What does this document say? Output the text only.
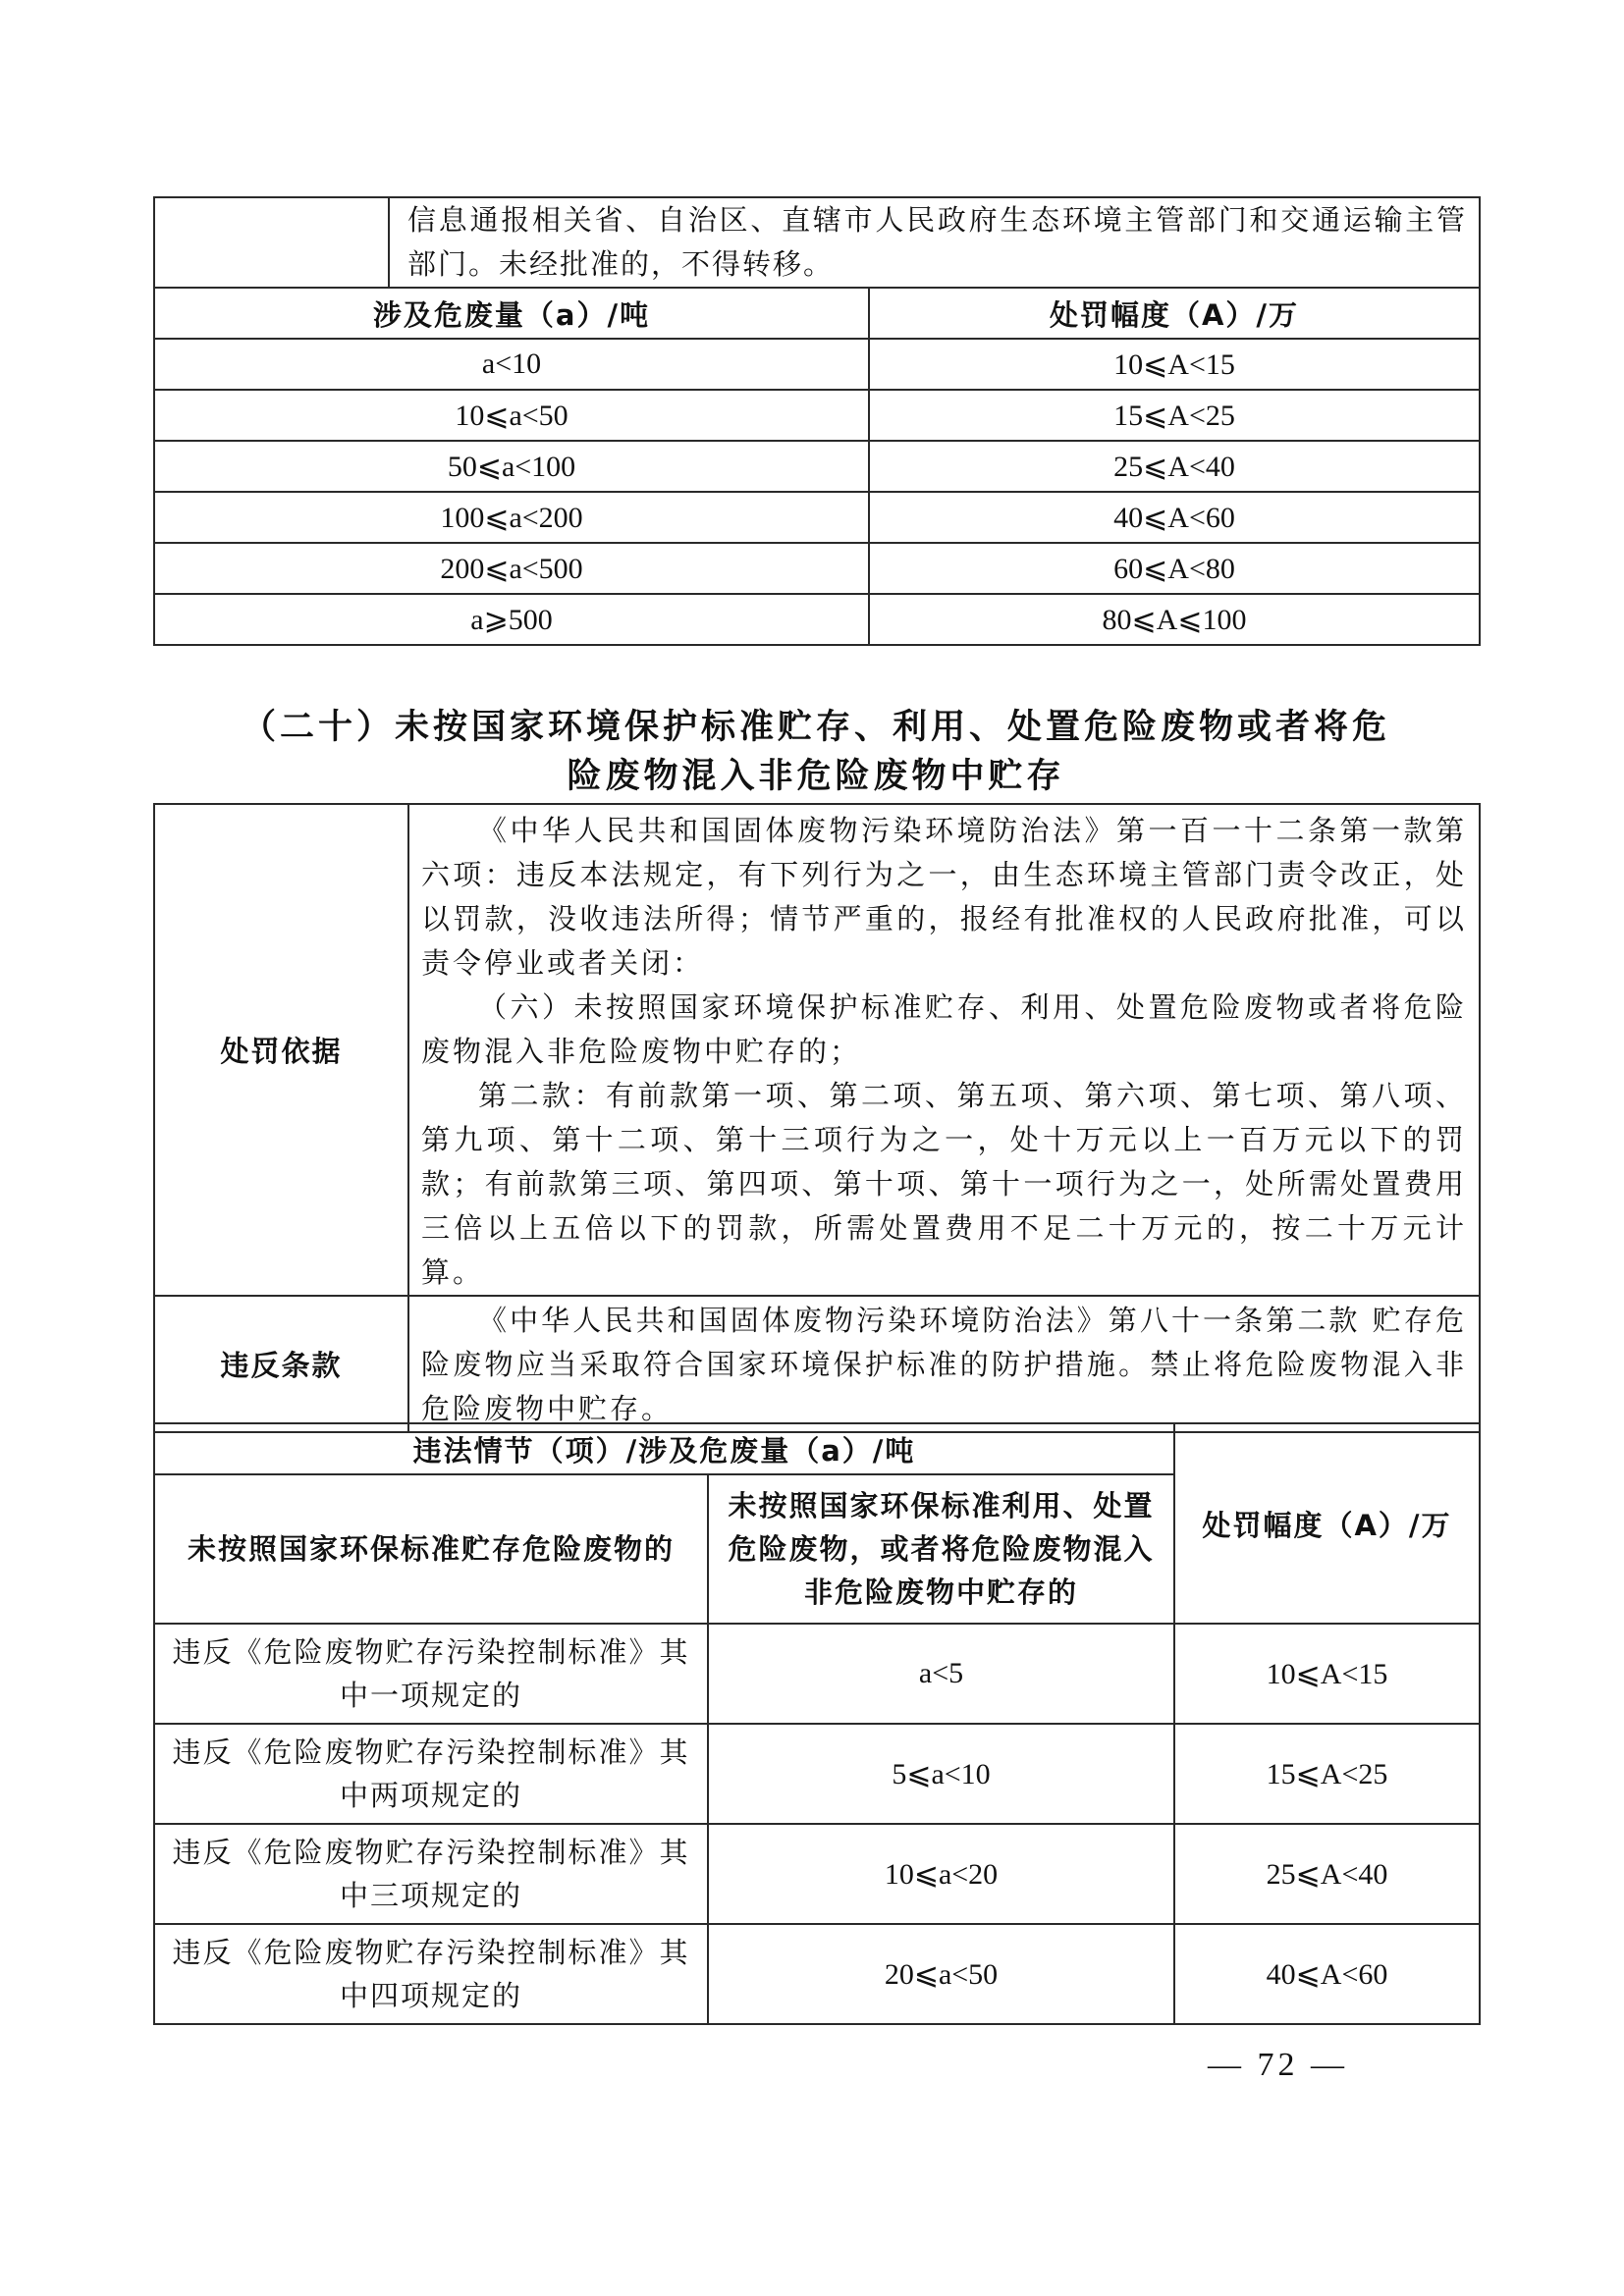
	信息通报相关省、自治区、直辖市人民政府生态环境主管部门和交通运输主管部门。未经批准的，不得转移。	
涉及危废量（a）/吨		处罚幅度（A）/万
a<10		10⩽A<15
10⩽a<50		15⩽A<25
50⩽a<100		25⩽A<40
100⩽a<200		40⩽A<60
200⩽a<500		60⩽A<80
a⩾500		80⩽A⩽100
（二十）未按国家环境保护标准贮存、利用、处置危险废物或者将危
险废物混入非危险废物中贮存
处罚依据	《中华人民共和国固体废物污染环境防治法》第一百一十二条第一款第六项：违反本法规定，有下列行为之一，由生态环境主管部门责令改正，处以罚款，没收违法所得；情节严重的，报经有批准权的人民政府批准，可以责令停业或者关闭：

（六）未按照国家环境保护标准贮存、利用、处置危险废物或者将危险废物混入非危险废物中贮存的；

第二款：有前款第一项、第二项、第五项、第六项、第七项、第八项、第九项、第十二项、第十三项行为之一，处十万元以上一百万元以下的罚款；有前款第三项、第四项、第十项、第十一项行为之一，处所需处置费用三倍以上五倍以下的罚款，所需处置费用不足二十万元的，按二十万元计算。

违反条款	《中华人民共和国固体废物污染环境防治法》第八十一条第二款 贮存危险废物应当采取符合国家环境保护标准的防护措施。禁止将危险废物混入非危险废物中贮存。

违法情节（项）/涉及危废量（a）/吨		处罚幅度（A）/万
未按照国家环保标准贮存危险废物的	未按照国家环保标准利用、处置危险废物，或者将危险废物混入非危险废物中贮存的	
违反《危险废物贮存污染控制标准》其中一项规定的	a<5	10⩽A<15
违反《危险废物贮存污染控制标准》其中两项规定的	5⩽a<10	15⩽A<25
违反《危险废物贮存污染控制标准》其中三项规定的	10⩽a<20	25⩽A<40
违反《危险废物贮存污染控制标准》其中四项规定的	20⩽a<50	40⩽A<60
— 72 —
